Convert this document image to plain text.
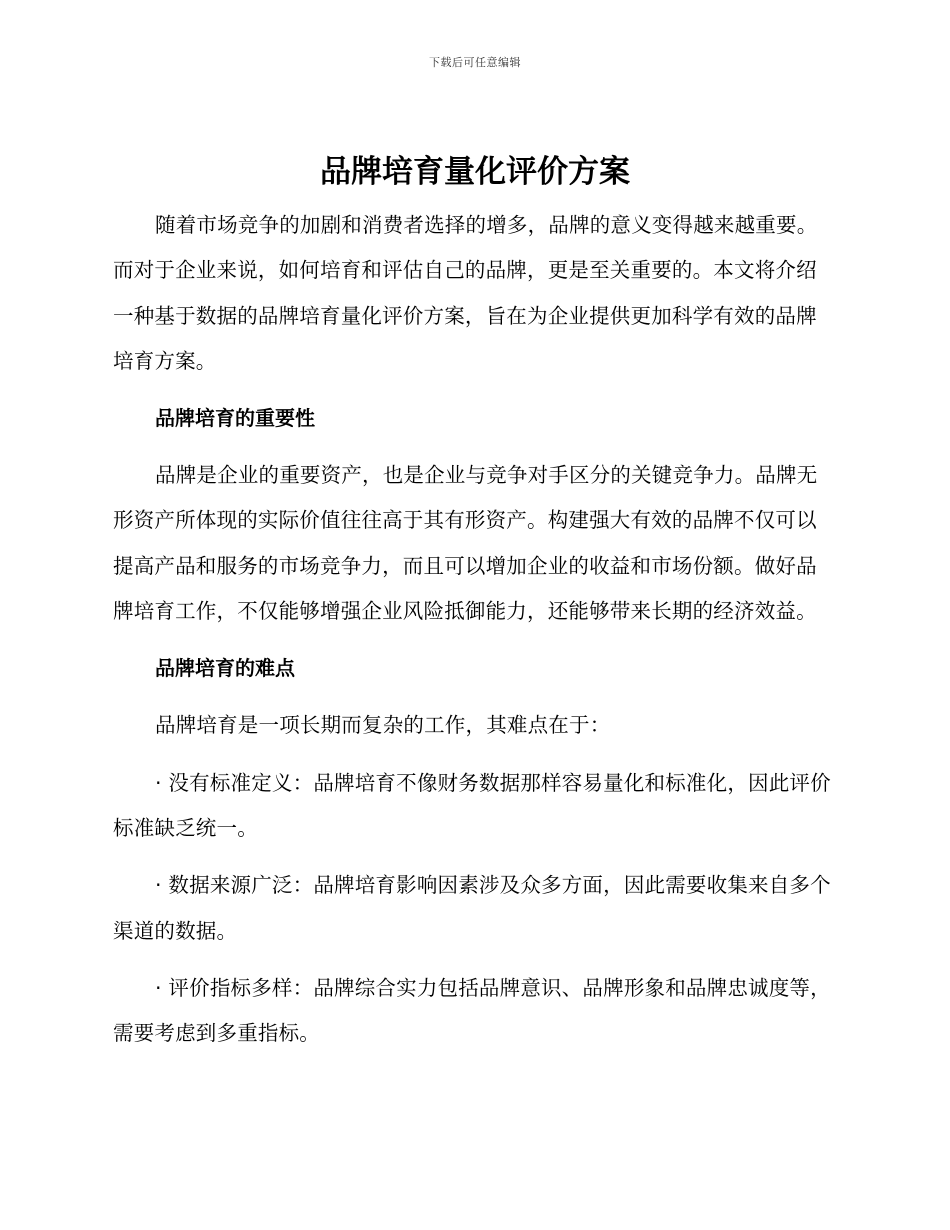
下载后可任意编辑
品牌培育量化评价方案

随着市场竞争的加剧和消费者选择的增多，品牌的意义变得越来越重要。而对于企业来说，如何培育和评估自己的品牌，更是至关重要的。本文将介绍一种基于数据的品牌培育量化评价方案，旨在为企业提供更加科学有效的品牌培育方案。

品牌培育的重要性

品牌是企业的重要资产，也是企业与竞争对手区分的关键竞争力。品牌无形资产所体现的实际价值往往高于其有形资产。构建强大有效的品牌不仅可以提高产品和服务的市场竞争力，而且可以增加企业的收益和市场份额。做好品牌培育工作，不仅能够增强企业风险抵御能力，还能够带来长期的经济效益。

品牌培育的难点

品牌培育是一项长期而复杂的工作，其难点在于：

· 没有标准定义：品牌培育不像财务数据那样容易量化和标准化，因此评价标准缺乏统一。

· 数据来源广泛：品牌培育影响因素涉及众多方面，因此需要收集来自多个渠道的数据。

· 评价指标多样：品牌综合实力包括品牌意识、品牌形象和品牌忠诚度等，需要考虑到多重指标。
